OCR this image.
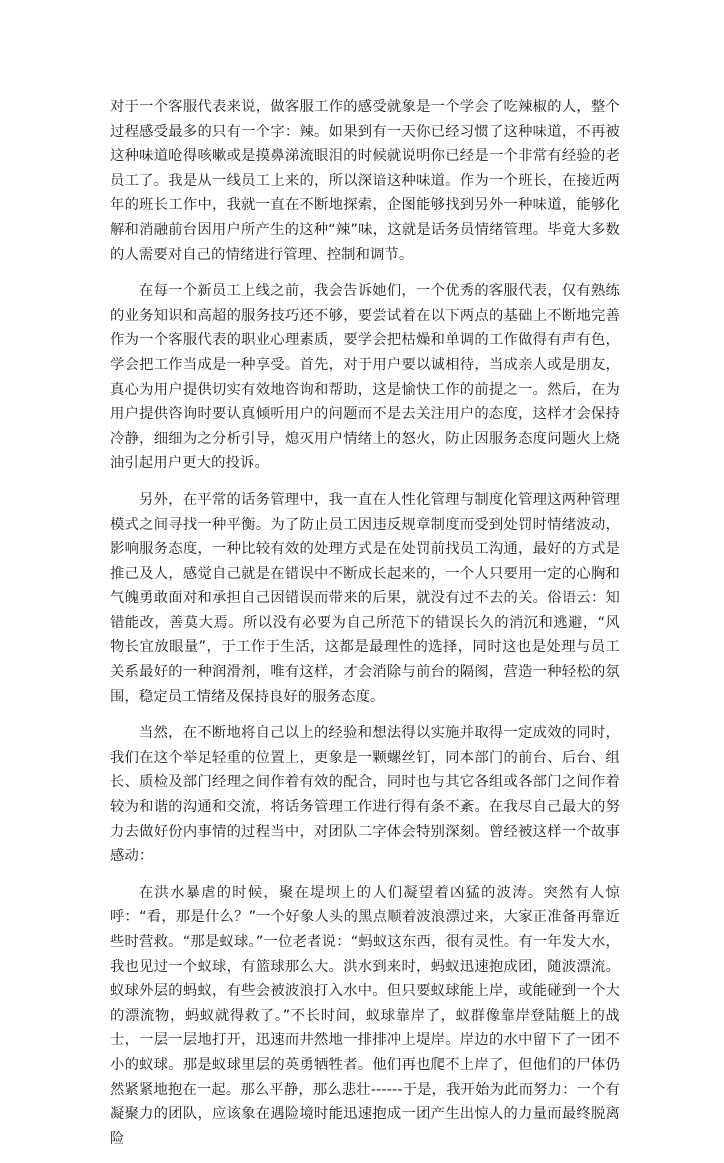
对于一个客服代表来说，做客服工作的感受就象是一个学会了吃辣椒的人，整个过程感受最多的只有一个字：辣。如果到有一天你已经习惯了这种味道，不再被这种味道呛得咳嗽或是摸鼻涕流眼泪的时候就说明你已经是一个非常有经验的老员工了。我是从一线员工上来的，所以深谙这种味道。作为一个班长，在接近两年的班长工作中，我就一直在不断地探索，企图能够找到另外一种味道，能够化解和消融前台因用户所产生的这种“辣”味，这就是话务员情绪管理。毕竟大多数的人需要对自己的情绪进行管理、控制和调节。

在每一个新员工上线之前，我会告诉她们，一个优秀的客服代表，仅有熟练的业务知识和高超的服务技巧还不够，要尝试着在以下两点的基础上不断地完善作为一个客服代表的职业心理素质，要学会把枯燥和单调的工作做得有声有色，学会把工作当成是一种享受。首先，对于用户要以诚相待，当成亲人或是朋友，真心为用户提供切实有效地咨询和帮助，这是愉快工作的前提之一。然后，在为用户提供咨询时要认真倾听用户的问题而不是去关注用户的态度，这样才会保持冷静，细细为之分析引导，熄灭用户情绪上的怒火，防止因服务态度问题火上烧油引起用户更大的投诉。

另外，在平常的话务管理中，我一直在人性化管理与制度化管理这两种管理模式之间寻找一种平衡。为了防止员工因违反规章制度而受到处罚时情绪波动，影响服务态度，一种比较有效的处理方式是在处罚前找员工沟通，最好的方式是推己及人，感觉自己就是在错误中不断成长起来的，一个人只要用一定的心胸和气魄勇敢面对和承担自己因错误而带来的后果，就没有过不去的关。俗语云：知错能改，善莫大焉。所以没有必要为自己所范下的错误长久的消沉和逃避，“风物长宜放眼量”，于工作于生活，这都是最理性的选择，同时这也是处理与员工关系最好的一种润滑剂，唯有这样，才会消除与前台的隔阂，营造一种轻松的氛围，稳定员工情绪及保持良好的服务态度。

当然，在不断地将自己以上的经验和想法得以实施并取得一定成效的同时，我们在这个举足轻重的位置上，更象是一颗螺丝钉，同本部门的前台、后台、组长、质检及部门经理之间作着有效的配合，同时也与其它各组或各部门之间作着较为和谐的沟通和交流，将话务管理工作进行得有条不紊。在我尽自己最大的努力去做好份内事情的过程当中，对团队二字体会特别深刻。曾经被这样一个故事感动：

在洪水暴虐的时候，聚在堤坝上的人们凝望着凶猛的波涛。突然有人惊呼：“看，那是什么？”一个好象人头的黑点顺着波浪漂过来，大家正准备再靠近些时营救。“那是蚁球。”一位老者说：“蚂蚁这东西，很有灵性。有一年发大水，我也见过一个蚁球，有篮球那么大。洪水到来时，蚂蚁迅速抱成团，随波漂流。蚁球外层的蚂蚁，有些会被波浪打入水中。但只要蚁球能上岸，或能碰到一个大的漂流物，蚂蚁就得救了。”不长时间，蚁球靠岸了，蚁群像靠岸登陆艇上的战士，一层一层地打开，迅速而井然地一排排冲上堤岸。岸边的水中留下了一团不小的蚁球。那是蚁球里层的英勇牺牲者。他们再也爬不上岸了，但他们的尸体仍然紧紧地抱在一起。那么平静，那么悲壮------于是，我开始为此而努力：一个有凝聚力的团队，应该象在遇险境时能迅速抱成一团产生出惊人的力量而最终脱离险
